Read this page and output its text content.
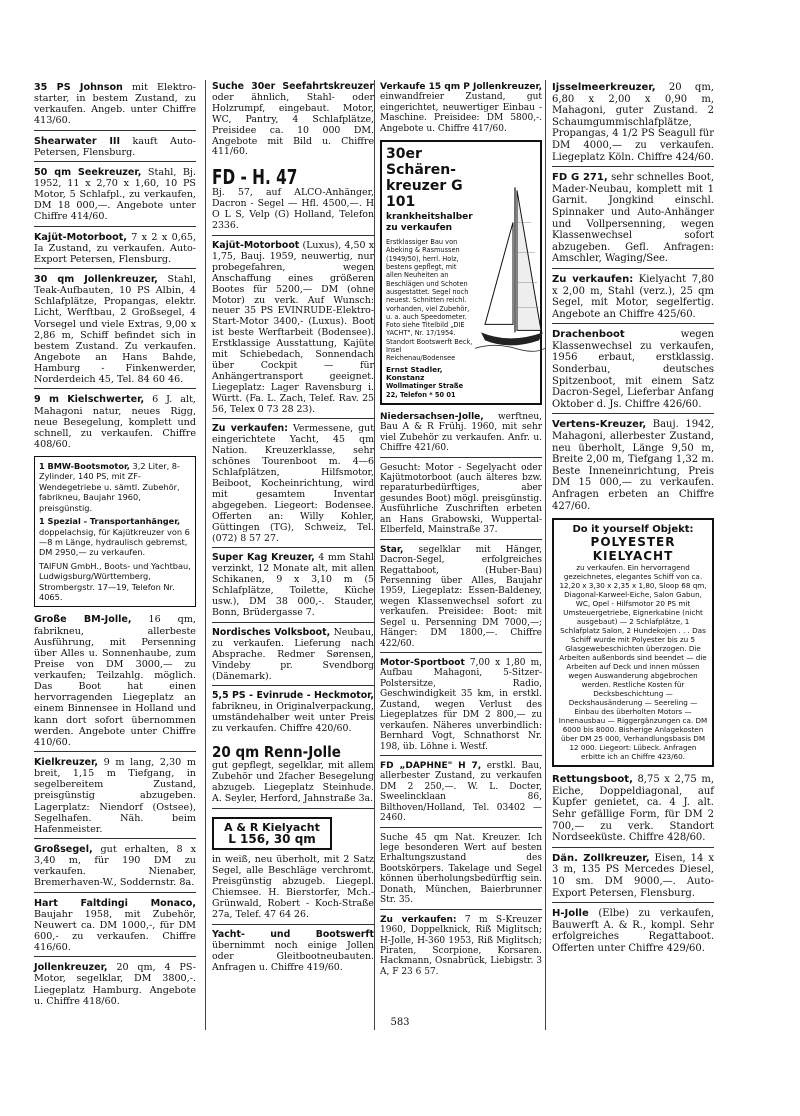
35 PS Johnson mit Elektro-starter, in bestem Zustand, zu verkaufen. Angeb. unter Chiffre 413/60.
Shearwater III kauft Auto-Petersen, Flensburg.
50 qm Seekreuzer, Stahl, Bj. 1952, 11 x 2,70 x 1,60, 10 PS Motor, 5 Schlafpl., zu verkaufen, DM 18 000,—. Angebote unter Chiffre 414/60.
Kajüt-Motorboot, 7 x 2 x 0,65, Ia Zustand, zu verkaufen. Auto-Export Petersen, Flensburg.
30 qm Jollenkreuzer, Stahl, Teak-Aufbauten, 10 PS Albin, 4 Schlafplätze, Propangas, elektr. Licht, Werftbau, 2 Großsegel, 4 Vorsegel und viele Extras, 9,00 x 2,86 m, Schiff befindet sich in bestem Zustand. Zu verkaufen. Angebote an Hans Bahde, Hamburg - Finkenwerder, Norderdeich 45, Tel. 84 60 46.
9 m Kielschwerter, 6 J. alt, Mahagoni natur, neues Rigg, neue Besegelung, komplett und schnell, zu verkaufen. Chiffre 408/60.

1 BMW-Bootsmotor, 3,2 Liter, 8-Zylinder, 140 PS, mit ZF-Wendegetriebe u. sämtl. Zubehör, fabrikneu, Baujahr 1960, preisgünstig.

1 Spezial - Transportanhänger, doppelachsig, für Kajütkreuzer von 6—8 m Länge, hydraulisch gebremst, DM 2950,— zu verkaufen.

TAIFUN GmbH., Boots- und Yachtbau, Ludwigsburg/Württemberg, Strombergstr. 17—19, Telefon Nr. 4065.

Große BM-Jolle, 16 qm, fabrikneu, allerbeste Ausführung, mit Persenning über Alles u. Sonnenhaube, zum Preise von DM 3000,— zu verkaufen; Teilzahlg. möglich. Das Boot hat einen hervorragenden Liegeplatz an einem Binnensee in Holland und kann dort sofort übernommen werden. Angebote unter Chiffre 410/60.
Kielkreuzer, 9 m lang, 2,30 m breit, 1,15 m Tiefgang, in segelbereitem Zustand, preisgünstig abzugeben. Lagerplatz: Niendorf (Ostsee), Segelhafen. Näh. beim Hafenmeister.
Großsegel, gut erhalten, 8 x 3,40 m, für 190 DM zu verkaufen. Nienaber, Bremerhaven-W., Soddernstr. 8a.
Hart Faltdingi Monaco, Baujahr 1958, mit Zubehör, Neuwert ca. DM 1000,-, für DM 600,- zu verkaufen. Chiffre 416/60.
Jollenkreuzer, 20 qm, 4 PS-Motor, segelklar, DM 3800,-. Liegeplatz Hamburg. Angebote u. Chiffre 418/60.
Suche 30er Seefahrtskreuzer oder ähnlich, Stahl- oder Holzrumpf, eingebaut. Motor, WC, Pantry, 4 Schlafplätze, Preisidee ca. 10 000 DM. Angebote mit Bild u. Chiffre 411/60.
FD - H. 47
Bj. 57, auf ALCO-Anhänger, Dacron - Segel — Hfl. 4500,—. H O L S, Velp (G) Holland, Telefon 2336.
Kajüt-Motorboot (Luxus), 4,50 x 1,75, Bauj. 1959, neuwertig, nur probegefahren, wegen Anschaffung eines größeren Bootes für 5200,— DM (ohne Motor) zu verk. Auf Wunsch: neuer 35 PS EVINRUDE-Elektro-Start-Motor 3400,- (Luxus). Boot ist beste Werftarbeit (Bodensee). Erstklassige Ausstattung, Kajüte mit Schiebedach, Sonnendach über Cockpit — für Anhängertransport geeignet. Liegeplatz: Lager Ravensburg i. Württ. (Fa. L. Zach, Telef. Rav. 25 56, Telex 0 73 28 23).
Zu verkaufen: Vermessene, gut eingerichtete Yacht, 45 qm Nation. Kreuzerklasse, sehr schönes Tourenboot m. 4—6 Schlafplätzen, Hilfsmotor, Beiboot, Kocheinrichtung, wird mit gesamtem Inventar abgegeben. Liegeort: Bodensee. Offerten an: Willy Kohler, Güttingen (TG), Schweiz, Tel. (072) 8 57 27.
Super Kag Kreuzer, 4 mm Stahl verzinkt, 12 Monate alt, mit allen Schikanen, 9 x 3,10 m (5 Schlafplätze, Toilette, Küche usw.), DM 38 000,-. Stauder, Bonn, Brüdergasse 7.
Nordisches Volksboot, Neubau, zu verkaufen. Lieferung nach Absprache. Redmer Sørensen, Vindeby pr. Svendborg (Dänemark).
5,5 PS - Evinrude - Heckmotor, fabrikneu, in Originalverpackung, umständehalber weit unter Preis zu verkaufen. Chiffre 420/60.
20 qm Renn-Jolle
gut gepflegt, segelklar, mit allem Zubehör und 2facher Besegelung abzugeb. Liegeplatz Steinhude. A. Seyler, Herford, Jahnstraße 3a.
A & R Kielyacht
L 156, 30 qm
in weiß, neu überholt, mit 2 Satz Segel, alle Beschläge verchromt. Preisgünstig abzugeb. Liegepl. Chiemsee. H. Bierstorfer, Mch.-Grünwald, Robert - Koch-Straße 27a, Telef. 47 64 26.
Yacht- und Bootswerft übernimmt noch einige Jollen oder Gleitbootneubauten. Anfragen u. Chiffre 419/60.
Verkaufe 15 qm P Jollenkreuzer, einwandfreier Zustand, gut eingerichtet, neuwertiger Einbau - Maschine. Preisidee: DM 5800,-. Angebote u. Chiffre 417/60.
30er Schären-kreuzer G 101
krankheitshalber zu verkaufen
Erstklassiger Bau von Abeking & Rasmussen (1949/50), herrl. Holz, bestens gepflegt, mit allen Neuheiten an Beschlägen und Schoten ausgestattet. Segel noch neuest. Schnitten reichl. vorhanden, viel Zubehör, u. a. auch Speedometer. Foto siehe Titelbild „DIE YACHT", Nr. 17/1954. Standort Bootswerft Beck, Insel Reichenau/Bodensee
Ernst Stadler, Konstanz
Wollmatinger Straße 22, Telefon * 50 01
Niedersachsen-Jolle, werftneu, Bau A & R Frühj. 1960, mit sehr viel Zubehör zu verkaufen. Anfr. u. Chiffre 421/60.
Gesucht: Motor - Segelyacht oder Kajütmotorboot (auch älteres bzw. reparaturbedürftiges, aber gesundes Boot) mögl. preisgünstig. Ausführliche Zuschriften erbeten an Hans Grabowski, Wuppertal-Elberfeld, Mainstraße 37.
Star, segelklar mit Hänger, Dacron-Segel, erfolgreiches Regattaboot, (Huber-Bau) Persenning über Alles, Baujahr 1959, Liegeplatz: Essen-Baldeney, wegen Klassenwechsel sofort zu verkaufen. Preisidee: Boot: mit Segel u. Persenning DM 7000,—; Hänger: DM 1800,—. Chiffre 422/60.
Motor-Sportboot 7,00 x 1,80 m, Aufbau Mahagoni, 5-Sitzer-Polstersitze, Radio, Geschwindigkeit 35 km, in erstkl. Zustand, wegen Verlust des Liegeplatzes für DM 2 800,— zu verkaufen. Näheres unverbindlich: Bernhard Vogt, Schnathorst Nr. 198, üb. Löhne i. Westf.
FD „DAPHNE" H 7, erstkl. Bau, allerbester Zustand, zu verkaufen DM 2 250,—. W. L. Docter, Sweelincklaan 86, Bilthoven/Holland, Tel. 03402 — 2460.
Suche 45 qm Nat. Kreuzer. Ich lege besonderen Wert auf besten Erhaltungszustand des Bootskörpers. Takelage und Segel können überholungsbedürftig sein. Donath, München, Baierbrunner Str. 35.
Zu verkaufen: 7 m S-Kreuzer 1960, Doppelknick, Riß Miglitsch; H-Jolle, H-360 1953, Riß Miglitsch; Piraten, Scorpione, Korsaren. Hackmann, Osnabrück, Liebigstr. 3 A, F 23 6 57.
Ijsselmeerkreuzer, 20 qm, 6,80 x 2,00 x 0,90 m, Mahagoni, guter Zustand. 2 Schaumgummischlafplätze, Propangas, 4 1/2 PS Seagull für DM 4000,— zu verkaufen. Liegeplatz Köln. Chiffre 424/60.
FD G 271, sehr schnelles Boot, Mader-Neubau, komplett mit 1 Garnit. Jongkind einschl. Spinnaker und Auto-Anhänger und Vollpersenning, wegen Klassenwechsel sofort abzugeben. Gefl. Anfragen: Amschler, Waging/See.
Zu verkaufen: Kielyacht 7,80 x 2,00 m, Stahl (verz.), 25 qm Segel, mit Motor, segelfertig. Angebote an Chiffre 425/60.
Drachenboot wegen Klassenwechsel zu verkaufen, 1956 erbaut, erstklassig. Sonderbau, deutsches Spitzenboot, mit einem Satz Dacron-Segel, Lieferbar Anfang Oktober d. Js. Chiffre 426/60.
Vertens-Kreuzer, Bauj. 1942, Mahagoni, allerbester Zustand, neu überholt, Länge 9,50 m, Breite 2,00 m, Tiefgang 1,32 m. Beste Inneneinrichtung, Preis DM 15 000,— zu verkaufen. Anfragen erbeten an Chiffre 427/60.
Do it yourself Objekt:
POLYESTER KIELYACHT
zu verkaufen. Ein hervorragend gezeichnetes, elegantes Schiff von ca. 12,20 x 3,30 x 2,35 x 1,80, Sloop 68 qm, Diagonal-Karweel-Eiche, Salon Gabun, WC, Opel - Hilfsmotor 20 PS mit Umsteuergetriebe, Eignerkabine (nicht ausgebaut) — 2 Schlafplätze, 1 Schlafplatz Salon, 2 Hundekojen . . . Das Schiff wurde mit Polyester bis zu 5 Glasgewebeschichten überzogen. Die Arbeiten außenbords sind beendet — die Arbeiten auf Deck und innen müssen wegen Auswanderung abgebrochen werden. Restliche Kosten für Decksbeschichtung — Deckshausänderung — Seereling — Einbau des überholten Motors — Innenausbau — Riggergänzungen ca. DM 6000 bis 8000. Bisherige Anlagekosten über DM 25 000, Verhandlungsbasis DM 12 000. Liegeort: Lübeck. Anfragen erbitte ich an Chiffre 423/60.
Rettungsboot, 8,75 x 2,75 m, Eiche, Doppeldiagonal, auf Kupfer genietet, ca. 4 J. alt. Sehr gefällige Form, für DM 2 700,— zu verk. Standort Nordseeküste. Chiffre 428/60.
Dän. Zollkreuzer, Eisen, 14 x 3 m, 135 PS Mercedes Diesel, 10 sm. DM 9000,—. Auto-Export Petersen, Flensburg.
H-Jolle (Elbe) zu verkaufen, Bauwerft A. & R., kompl. Sehr erfolgreiches Regattaboot. Offerten unter Chiffre 429/60.
583
